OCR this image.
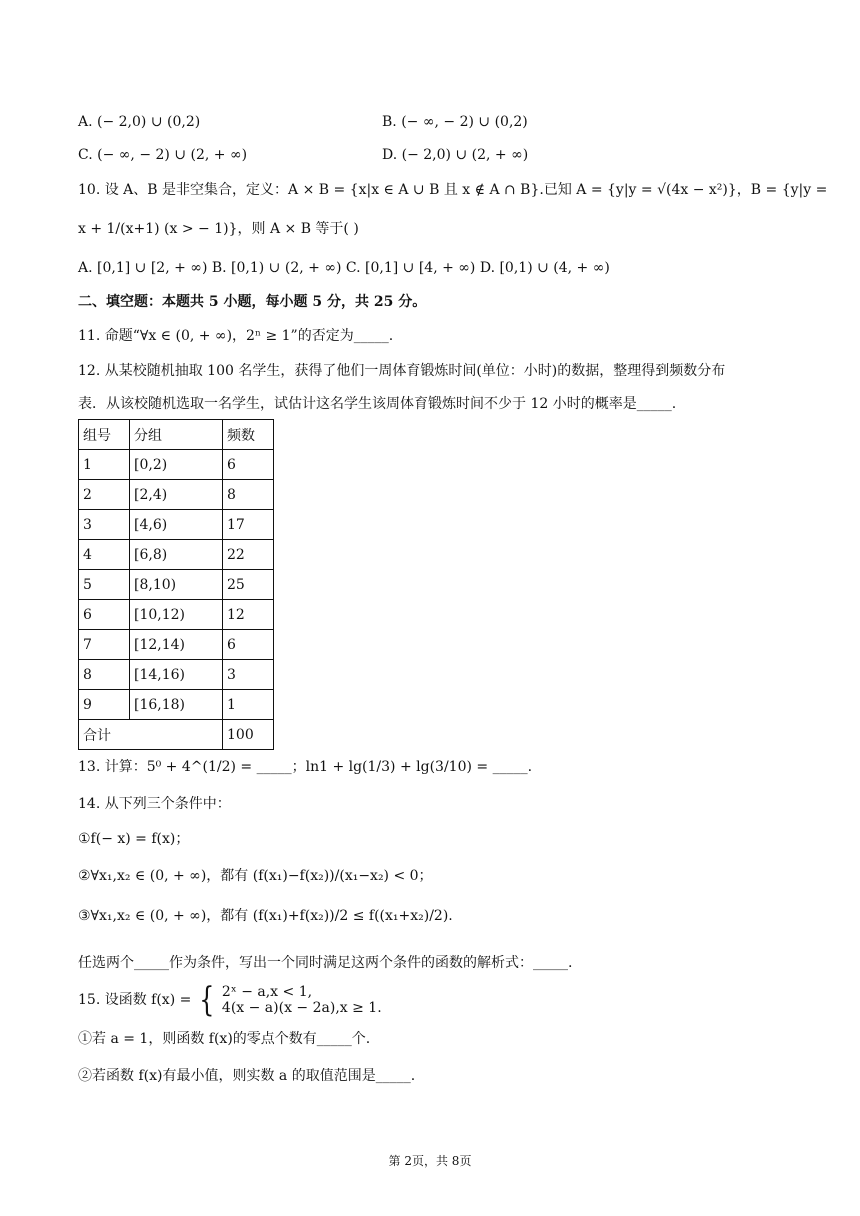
A. (− 2,0) ∪ (0,2)	B. (− ∞, − 2) ∪ (0,2)
C. (− ∞, − 2) ∪ (2, + ∞)	D. (− 2,0) ∪ (2, + ∞)
10. 设 A、B 是非空集合，定义：A × B = {x|x ∈ A ∪ B 且 x ∉ A ∩ B}.已知 A = {y|y = √(4x − x²)}，B = {y|y =
x + 1/(x+1) (x > − 1)}，则 A × B 等于( )
A. [0,1] ∪ [2, + ∞) B. [0,1) ∪ (2, + ∞) C. [0,1] ∪ [4, + ∞) D. [0,1) ∪ (4, + ∞)
二、填空题：本题共 5 小题，每小题 5 分，共 25 分。
11. 命题“∀x ∈ (0, + ∞)，2ⁿ ≥ 1”的否定为_____.
12. 从某校随机抽取 100 名学生，获得了他们一周体育锻炼时间(单位：小时)的数据，整理得到频数分布
表．从该校随机选取一名学生，试估计这名学生该周体育锻炼时间不少于 12 小时的概率是_____.
组号	分组	频数
1	[0,2)	6
2	[2,4)	8
3	[4,6)	17
4	[6,8)	22
5	[8,10)	25
6	[10,12)	12
7	[12,14)	6
8	[14,16)	3
9	[16,18)	1
合计		100
13. 计算：5⁰ + 4^(1/2) = _____；ln1 + lg(1/3) + lg(3/10) = _____.
14. 从下列三个条件中：
①f(− x) = f(x)；
②∀x₁,x₂ ∈ (0, + ∞)，都有 (f(x₁)−f(x₂))/(x₁−x₂) < 0；
③∀x₁,x₂ ∈ (0, + ∞)，都有 (f(x₁)+f(x₂))/2 ≤ f((x₁+x₂)/2).
任选两个_____作为条件，写出一个同时满足这两个条件的函数的解析式：_____.
15. 设函数 f(x) = { 2ˣ − a,x < 1,
4(x − a)(x − 2a),x ≥ 1.
①若 a = 1，则函数 f(x)的零点个数有_____个.
②若函数 f(x)有最小值，则实数 a 的取值范围是_____.
第 2页，共 8页
